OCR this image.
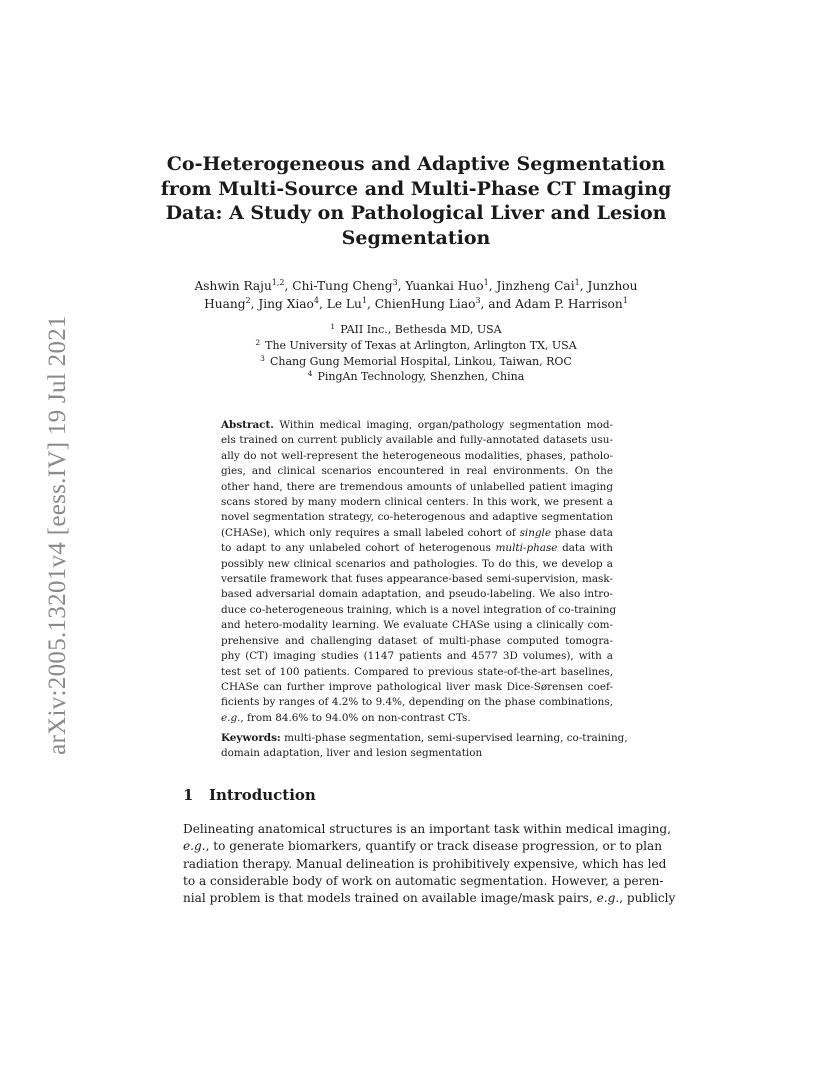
arXiv:2005.13201v4 [eess.IV] 19 Jul 2021
Co-Heterogeneous and Adaptive Segmentation
from Multi-Source and Multi-Phase CT Imaging
Data: A Study on Pathological Liver and Lesion
Segmentation
Ashwin Raju$^{1,2}$, Chi-Tung Cheng$^3$, Yuankai Huo$^1$, Jinzheng Cai$^1$, Junzhou
Huang$^2$, Jing Xiao$^4$, Le Lu$^1$, ChienHung Liao$^3$, and Adam P. Harrison$^1$
$^1$ PAII Inc., Bethesda MD, USA
$^2$ The University of Texas at Arlington, Arlington TX, USA
$^3$ Chang Gung Memorial Hospital, Linkou, Taiwan, ROC
$^4$ PingAn Technology, Shenzhen, China
Abstract. Within medical imaging, organ/pathology segmentation mod-
els trained on current publicly available and fully-annotated datasets usu-
ally do not well-represent the heterogeneous modalities, phases, patholo-
gies, and clinical scenarios encountered in real environments. On the
other hand, there are tremendous amounts of unlabelled patient imaging
scans stored by many modern clinical centers. In this work, we present a
novel segmentation strategy, co-heterogenous and adaptive segmentation
(CHASe), which only requires a small labeled cohort of single phase data
to adapt to any unlabeled cohort of heterogenous multi-phase data with
possibly new clinical scenarios and pathologies. To do this, we develop a
versatile framework that fuses appearance-based semi-supervision, mask-
based adversarial domain adaptation, and pseudo-labeling. We also intro-
duce co-heterogeneous training, which is a novel integration of co-training
and hetero-modality learning. We evaluate CHASe using a clinically com-
prehensive and challenging dataset of multi-phase computed tomogra-
phy (CT) imaging studies (1147 patients and 4577 3D volumes), with a
test set of 100 patients. Compared to previous state-of-the-art baselines,
CHASe can further improve pathological liver mask Dice-Sørensen coef-
ficients by ranges of 4.2% to 9.4%, depending on the phase combinations,
e.g., from 84.6% to 94.0% on non-contrast CTs.
Keywords: multi-phase segmentation, semi-supervised learning, co-training,
domain adaptation, liver and lesion segmentation
1 Introduction
Delineating anatomical structures is an important task within medical imaging,
e.g., to generate biomarkers, quantify or track disease progression, or to plan
radiation therapy. Manual delineation is prohibitively expensive, which has led
to a considerable body of work on automatic segmentation. However, a peren-
nial problem is that models trained on available image/mask pairs, e.g., publicly
